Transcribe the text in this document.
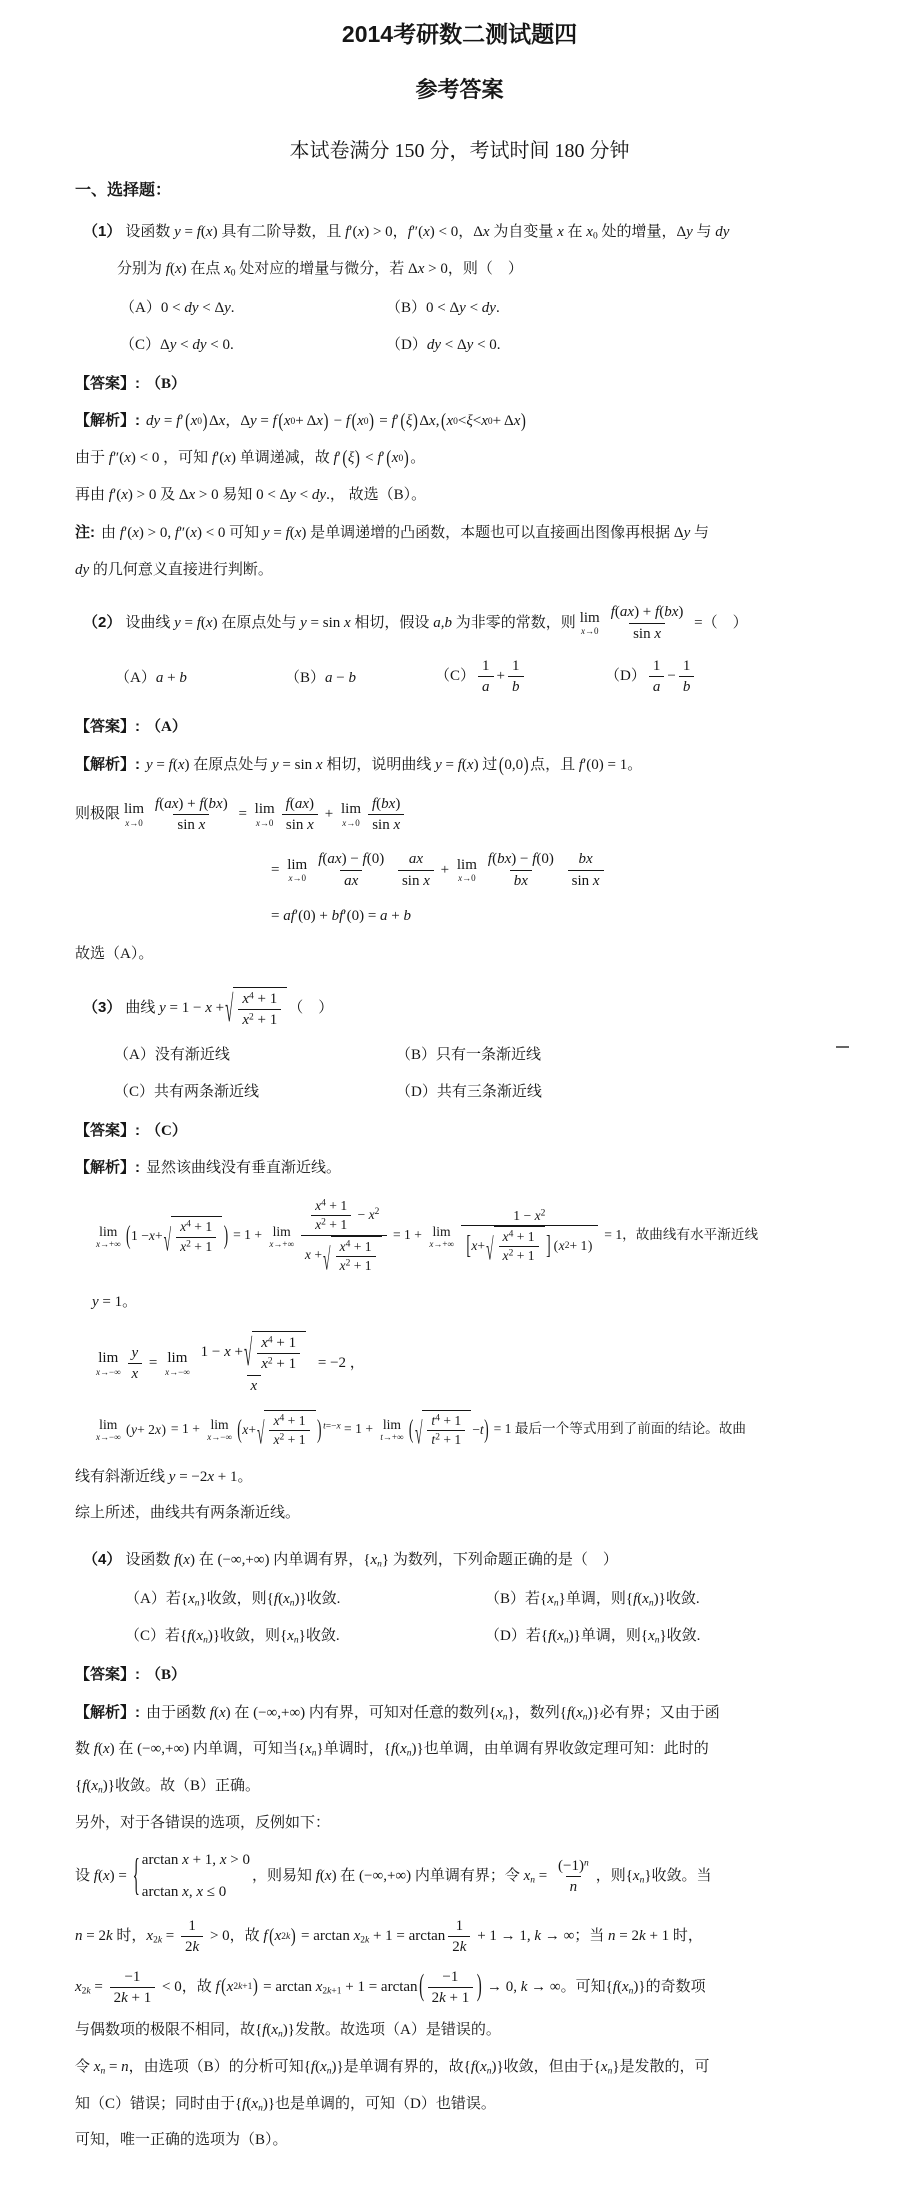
2014考研数二测试题四
参考答案
本试卷满分 150 分，考试时间 180 分钟
一、选择题：
（1） 设函数 y = f(x) 具有二阶导数，且 f′(x) > 0，f″(x) < 0，Δx 为自变量 x 在 $x_0$ 处的增量，Δy 与 dy
分别为 f(x) 在点 $x_0$ 处对应的增量与微分，若 Δx > 0，则（　）
（A）0 < dy < Δy.	（B）0 < Δy < dy.
（C）Δy < dy < 0.	（D）dy < Δy < 0.
【答案】: （B）
【解析】: dy = f′ ( x 0 ) Δx，Δy = f ( x 0 + Δ x ) − f ( x 0 ) = f′ ( ξ ) Δx, ( x 0 < ξ < x 0 + Δ x )
由于 f″(x) < 0 ，可知 f′(x) 单调递减，故 f′ ( ξ ) < f′ ( x 0 ) 。
再由 f′(x) > 0 及 Δx > 0 易知 0 < Δy < dy.， 故选（B）。
注: 由 f′(x) > 0, f″(x) < 0 可知 y = f(x) 是单调递增的凸函数，本题也可以直接画出图像再根据 Δy 与
dy 的几何意义直接进行判断。
（2） 设曲线 y = f(x) 在原点处与 y = sin x 相切，假设 a,b 为非零的常数，则 lim
$x\to 0 \frac{f(ax) + f(bx)}{\text{sin x}}$ =（　）
（A）a + b	（B）a − b	$(C) \frac{1}{a} + \frac{1}{b}$	$(D) \frac{1}{a} - \frac{1}{b}$
【答案】: （A）
【解析】: y = f(x) 在原点处与 y = sin x 相切，说明曲线 y = f(x) 过 ( 0,0 ) 点，且 f′(0) = 1。
则极限 lim
$x\to 0 \frac{f(ax) + f(bx)}{\text{sin x}} = \lim$
$x\to 0 \frac{f(ax)}{\text{sin x}} + \lim$
$x\to 0 \frac{f(bx)}{\text{sin x}}$
= lim
$x\to 0 \frac{f(ax) - f(0)}{ax}$
$\frac{ax}{\text{sin x}} + \lim$
$x\to 0 \frac{f(bx) - f(0)}{bx}$
$\frac{bx}{\text{sin x}}$
= af′(0) + bf′(0) = a + b
故选（A）。
（3） 曲线 y = 1 − x + √ $\frac{x^4 + 1}{x^2 + 1}$ （　）
（A）没有渐近线	（B）只有一条渐近线
（C）共有两条渐近线	（D）共有三条渐近线
【答案】: （C）
【解析】: 显然该曲线没有垂直渐近线。
lim
x→+∞ ( 1 − x + √ $\frac{x^4 + 1}{x^2 + 1}$ ) = 1 + lim
$x\to+\infty \frac{\frac{x^4 + 1}{x^2 + 1} - x^2}{x + √ \frac{x^4 + 1}{x^2 + 1}} = 1 + \lim$
$x\to+\infty \frac{1 - x^2}{[ x + √ \frac{x^4 + 1}{x^2 + 1} ] ( x 2 + 1 )} = 1$，故曲线有水平渐近线
y = 1。
lim
$x\to-\infty \frac{y}{x} = \lim$
$x\to-\infty \frac{1 - x + √ \frac{x^4 + 1}{x^2 + 1}}{x} = -2$ ，
lim
x→−∞
( y + 2 x ) = 1 + lim
x→−∞ ( x + √ $\frac{x^4 + 1}{x^2 + 1}$ ) $^{t=-x}$ = 1 + lim
t→+∞ ( √ $\frac{t^4 + 1}{t^2 + 1} - t$ ) = 1 最后一个等式用到了前面的结论。故曲
线有斜渐近线 y = −2x + 1。
综上所述，曲线共有两条渐近线。
（4） 设函数 f(x) 在 (−∞,+∞) 内单调有界，$\{x_n\}$ 为数列，下列命题正确的是（　）
（A）若$\{x_n\}$收敛，则$\{f(x_n)\}$收敛.	（B）若$\{x_n\}$单调，则$\{f(x_n)\}$收敛.
（C）若$\{f(x_n)\}$收敛，则$\{x_n\}$收敛.	（D）若$\{f(x_n)\}$单调，则$\{x_n\}$收敛.
【答案】: （B）
【解析】: 由于函数 f(x) 在 (−∞,+∞) 内有界，可知对任意的数列$\{x_n\}$，数列$\{f(x_n)\}$必有界；又由于函
数 f(x) 在 (−∞,+∞) 内单调，可知当$\{x_n\}$单调时，$\{f(x_n)\}$也单调，由单调有界收敛定理可知：此时的
$\{f(x_n)\}$收敛。故（B）正确。
另外，对于各错误的选项，反例如下：
设 f(x) = { arctan x + 1, x > 0
arctan x, x ≤ 0
，则易知 f(x) 在 (−∞,+∞) 内单调有界；令 $x_n = \frac{(-1)^n}{n}$ ，则$\{x_n\}$收敛。当
n = 2k 时，$x_{2k} = \frac{1}{2k} > 0$，故 f ( x 2k ) = $\arctan x_{2k} + 1 = \arctan \frac{1}{2k} + 1 \to 1$, k → ∞；当 n = 2k + 1 时，
$x_{2k} = \frac{-1}{2k + 1} < 0$，故 f ( x 2k+1 ) = $\arctan x_{2k+1} + 1 = \arctan$ ( $\frac{-1}{2k + 1}$ ) → 0, k → ∞。可知$\{f(x_n)\}$的奇数项
与偶数项的极限不相同，故$\{f(x_n)\}$发散。故选项（A）是错误的。
令 $x_n = n$，由选项（B）的分析可知$\{f(x_n)\}$是单调有界的，故$\{f(x_n)\}$收敛，但由于$\{x_n\}$是发散的，可
知（C）错误；同时由于$\{f(x_n)\}$也是单调的，可知（D）也错误。
可知，唯一正确的选项为（B）。
